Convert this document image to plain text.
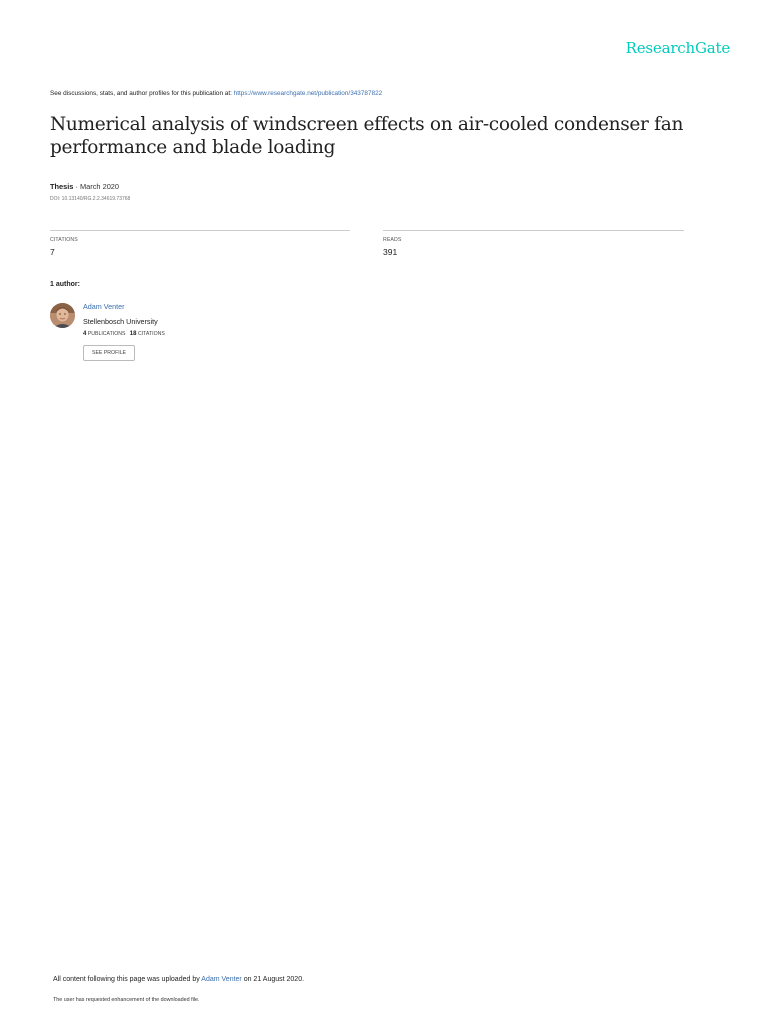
ResearchGate
See discussions, stats, and author profiles for this publication at: https://www.researchgate.net/publication/343787822
Numerical analysis of windscreen effects on air-cooled condenser fan performance and blade loading
Thesis · March 2020
DOI: 10.13140/RG.2.2.34619.73768
CITATIONS
7
READS
391
1 author:
Adam Venter
Stellenbosch University
4 PUBLICATIONS 18 CITATIONS
SEE PROFILE
All content following this page was uploaded by Adam Venter on 21 August 2020.
The user has requested enhancement of the downloaded file.
